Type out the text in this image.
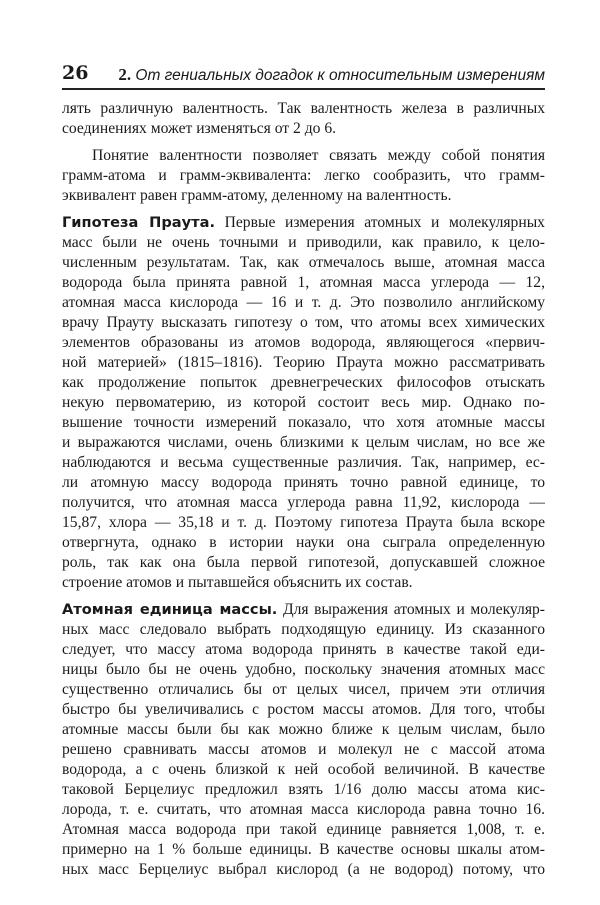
26 2. От гениальных догадок к относительным измерениям
лять различную валентность. Так валентность железа в различных
соединениях может изменяться от 2 до 6.
Понятие валентности позволяет связать между собой понятия
грамм-атома и грамм-эквивалента: легко сообразить, что грамм-
эквивалент равен грамм-атому, деленному на валентность.
Гипотеза Праута. Первые измерения атомных и молекулярных
масс были не очень точными и приводили, как правило, к цело-
численным результатам. Так, как отмечалось выше, атомная масса
водорода была принята равной 1, атомная масса углерода — 12,
атомная масса кислорода — 16 и т. д. Это позволило английскому
врачу Прауту высказать гипотезу о том, что атомы всех химических
элементов образованы из атомов водорода, являющегося «первич-
ной материей» (1815–1816). Теорию Праута можно рассматривать
как продолжение попыток древнегреческих философов отыскать
некую первоматерию, из которой состоит весь мир. Однако по-
вышение точности измерений показало, что хотя атомные массы
и выражаются числами, очень близкими к целым числам, но все же
наблюдаются и весьма существенные различия. Так, например, ес-
ли атомную массу водорода принять точно равной единице, то
получится, что атомная масса углерода равна 11,92, кислорода —
15,87, хлора — 35,18 и т. д. Поэтому гипотеза Праута была вскоре
отвергнута, однако в истории науки она сыграла определенную
роль, так как она была первой гипотезой, допускавшей сложное
строение атомов и пытавшейся объяснить их состав.
Атомная единица массы. Для выражения атомных и молекуляр-
ных масс следовало выбрать подходящую единицу. Из сказанного
следует, что массу атома водорода принять в качестве такой еди-
ницы было бы не очень удобно, поскольку значения атомных масс
существенно отличались бы от целых чисел, причем эти отличия
быстро бы увеличивались с ростом массы атомов. Для того, чтобы
атомные массы были бы как можно ближе к целым числам, было
решено сравнивать массы атомов и молекул не с массой атома
водорода, а с очень близкой к ней особой величиной. В качестве
таковой Берцелиус предложил взять 1/16 долю массы атома кис-
лорода, т. е. считать, что атомная масса кислорода равна точно 16.
Атомная масса водорода при такой единице равняется 1,008, т. е.
примерно на 1 % больше единицы. В качестве основы шкалы атом-
ных масс Берцелиус выбрал кислород (а не водород) потому, что
